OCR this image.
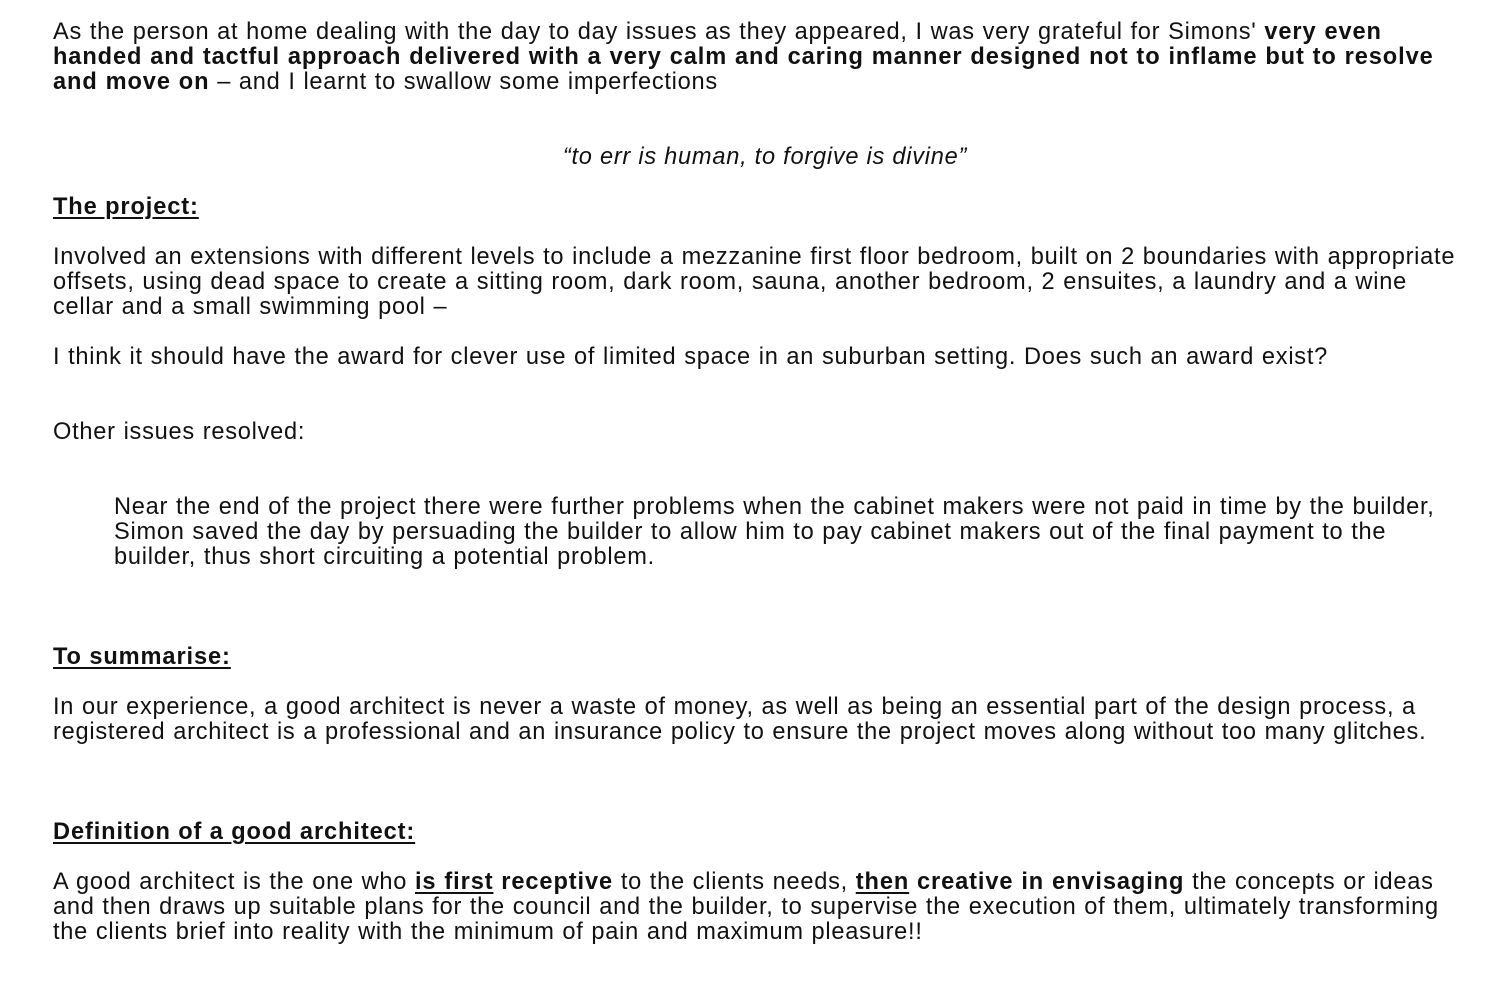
As the person at home dealing with the day to day issues as they appeared, I was very grateful for Simons' very even handed and tactful approach delivered with a very calm and caring manner designed not to inflame but to resolve and move on – and I learnt to swallow some imperfections

“to err is human, to forgive is divine”

The project:

Involved an extensions with different levels to include a mezzanine first floor bedroom, built on 2 boundaries with appropriate offsets, using dead space to create a sitting room, dark room, sauna, another bedroom, 2 ensuites, a laundry and a wine cellar and a small swimming pool –

I think it should have the award for clever use of limited space in an suburban setting. Does such an award exist?

Other issues resolved:

Near the end of the project there were further problems when the cabinet makers were not paid in time by the builder, Simon saved the day by persuading the builder to allow him to pay cabinet makers out of the final payment to the builder, thus short circuiting a potential problem.

To summarise:

In our experience, a good architect is never a waste of money, as well as being an essential part of the design process, a registered architect is a professional and an insurance policy to ensure the project moves along without too many glitches.

Definition of a good architect:

A good architect is the one who is first receptive to the clients needs, then creative in envisaging the concepts or ideas and then draws up suitable plans for the council and the builder, to supervise the execution of them, ultimately transforming the clients brief into reality with the minimum of pain and maximum pleasure!!
